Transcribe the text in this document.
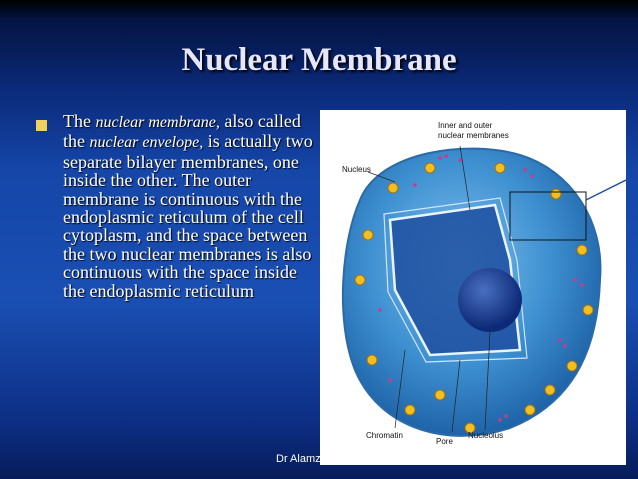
Nuclear Membrane
The nuclear membrane, also called the nuclear envelope, is actually two separate bilayer membranes, one inside the other. The outer membrane is continuous with the endoplasmic reticulum of the cell cytoplasm, and the space between the two nuclear membranes is also continuous with the space inside the endoplasmic reticulum
Inner and outer
nuclear membranes
Nucleus
Chromatin
Pore
Nucleolus
Dr Alamzeb Khan	35
